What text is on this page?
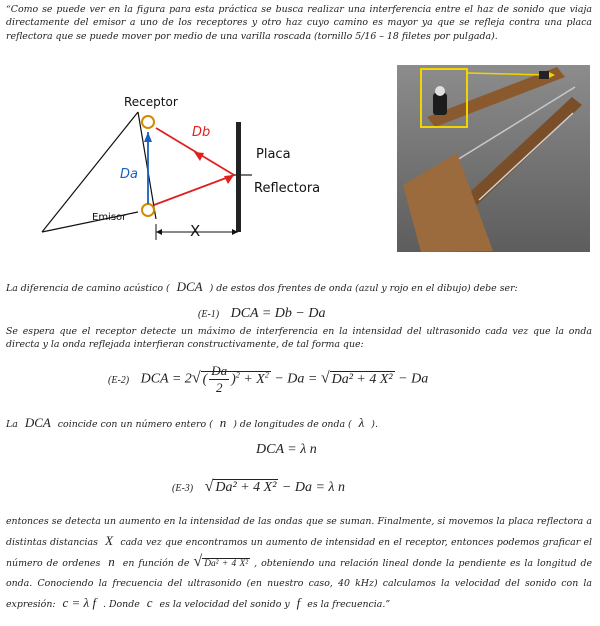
“Como se puede ver en la figura para esta práctica se busca realizar una interferencia entre el haz de sonido que viaja directamente del emisor a uno de los receptores y otro haz cuyo camino es mayor ya que se refleja contra una placa reflectora que se puede mover por medio de una varilla roscada (tornillo 5/16 – 18 filetes por pulgada).
Receptor
Emisor
Da
Db
X
Placa
Reflectora
La diferencia de camino acústico ( DCA ) de estos dos frentes de onda (azul y rojo en el dibujo) debe ser:
(E-1) DCA = Db − Da
Se espera que el receptor detecte un máximo de interferencia en la intensidad del ultrasonido cada vez que la onda directa y la onda reflejada interfieran constructivamente, de tal forma que:
(E-2) DCA = 2√ ( $\frac{Da}{2} )^2 + X^2 - Da$ = √ Da² + 4 X² − Da
La DCA coincide con un número entero ( n ) de longitudes de onda ( λ ).
DCA = λ n
(E-3) √ Da² + 4 X² − Da = λ n
entonces se detecta un aumento en la intensidad de las ondas que se suman. Finalmente, si movemos la placa reflectora a distintas distancias X cada vez que encontramos un aumento de intensidad en el receptor, entonces podemos graficar el número de ordenes n en función de √ Da² + 4 X² , obteniendo una relación lineal donde la pendiente es la longitud de onda. Conociendo la frecuencia del ultrasonido (en nuestro caso, 40 kHz) calculamos la velocidad del sonido con la expresión: c = λ f . Donde c es la velocidad del sonido y f es la frecuencia.”
